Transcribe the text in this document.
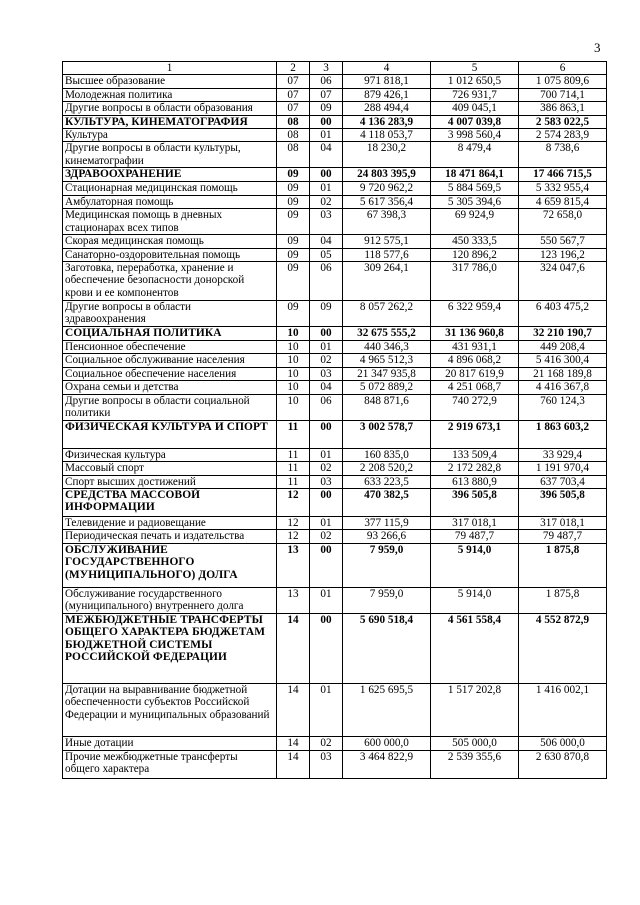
3
1	2	3	4	5	6
Высшее образование	07	06	971 818,1	1 012 650,5	1 075 809,6
Молодежная политика	07	07	879 426,1	726 931,7	700 714,1
Другие вопросы в области образования	07	09	288 494,4	409 045,1	386 863,1
КУЛЬТУРА, КИНЕМАТОГРАФИЯ	08	00	4 136 283,9	4 007 039,8	2 583 022,5
Культура	08	01	4 118 053,7	3 998 560,4	2 574 283,9
Другие вопросы в области культуры, кинематографии	08	04	18 230,2	8 479,4	8 738,6
ЗДРАВООХРАНЕНИЕ	09	00	24 803 395,9	18 471 864,1	17 466 715,5
Стационарная медицинская помощь	09	01	9 720 962,2	5 884 569,5	5 332 955,4
Амбулаторная помощь	09	02	5 617 356,4	5 305 394,6	4 659 815,4
Медицинская помощь в дневных стационарах всех типов	09	03	67 398,3	69 924,9	72 658,0
Скорая медицинская помощь	09	04	912 575,1	450 333,5	550 567,7
Санаторно-оздоровительная помощь	09	05	118 577,6	120 896,2	123 196,2
Заготовка, переработка, хранение и обеспечение безопасности донорской крови и ее компонентов	09	06	309 264,1	317 786,0	324 047,6
Другие вопросы в области здравоохранения	09	09	8 057 262,2	6 322 959,4	6 403 475,2
СОЦИАЛЬНАЯ ПОЛИТИКА	10	00	32 675 555,2	31 136 960,8	32 210 190,7
Пенсионное обеспечение	10	01	440 346,3	431 931,1	449 208,4
Социальное обслуживание населения	10	02	4 965 512,3	4 896 068,2	5 416 300,4
Социальное обеспечение населения	10	03	21 347 935,8	20 817 619,9	21 168 189,8
Охрана семьи и детства	10	04	5 072 889,2	4 251 068,7	4 416 367,8
Другие вопросы в области социальной политики	10	06	848 871,6	740 272,9	760 124,3
ФИЗИЧЕСКАЯ КУЛЬТУРА И СПОРТ	11	00	3 002 578,7	2 919 673,1	1 863 603,2
Физическая культура	11	01	160 835,0	133 509,4	33 929,4
Массовый спорт	11	02	2 208 520,2	2 172 282,8	1 191 970,4
Спорт высших достижений	11	03	633 223,5	613 880,9	637 703,4
СРЕДСТВА МАССОВОЙ ИНФОРМАЦИИ	12	00	470 382,5	396 505,8	396 505,8
Телевидение и радиовещание	12	01	377 115,9	317 018,1	317 018,1
Периодическая печать и издательства	12	02	93 266,6	79 487,7	79 487,7
ОБСЛУЖИВАНИЕ ГОСУДАРСТВЕННОГО (МУНИЦИПАЛЬНОГО) ДОЛГА	13	00	7 959,0	5 914,0	1 875,8
Обслуживание государственного (муниципального) внутреннего долга	13	01	7 959,0	5 914,0	1 875,8
МЕЖБЮДЖЕТНЫЕ ТРАНСФЕРТЫ ОБЩЕГО ХАРАКТЕРА БЮДЖЕТАМ БЮДЖЕТНОЙ СИСТЕМЫ РОССИЙСКОЙ ФЕДЕРАЦИИ	14	00	5 690 518,4	4 561 558,4	4 552 872,9
Дотации на выравнивание бюджетной обеспеченности субъектов Российской Федерации и муниципальных образований	14	01	1 625 695,5	1 517 202,8	1 416 002,1
Иные дотации	14	02	600 000,0	505 000,0	506 000,0
Прочие межбюджетные трансферты общего характера	14	03	3 464 822,9	2 539 355,6	2 630 870,8
